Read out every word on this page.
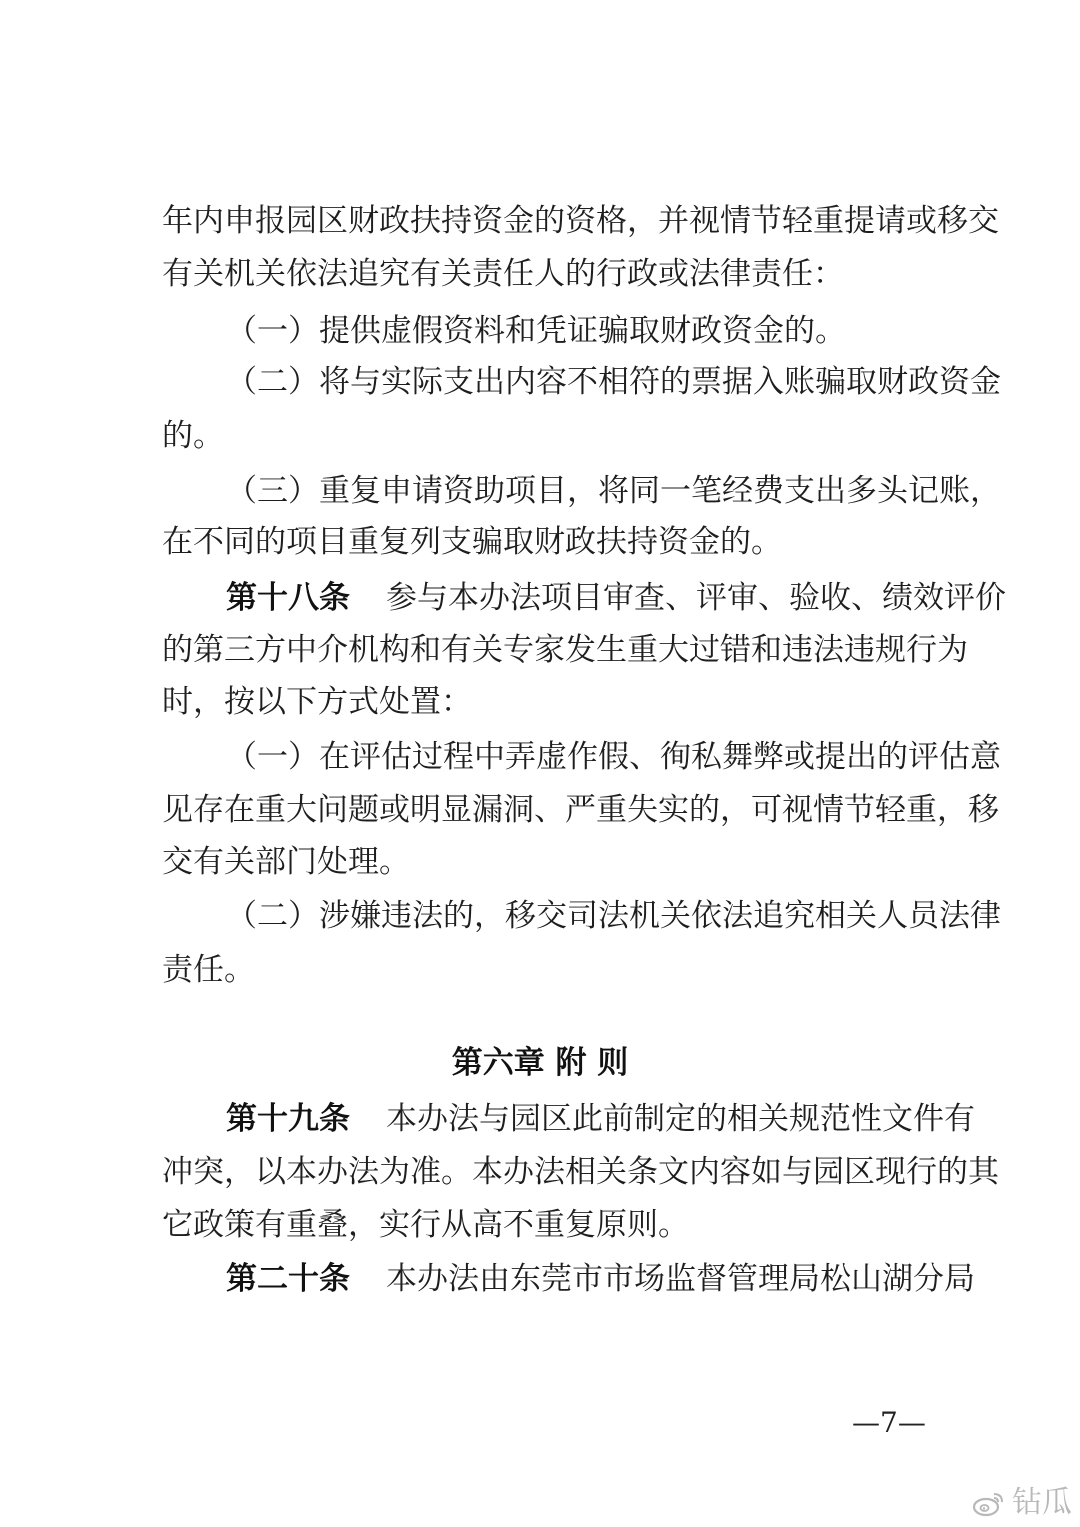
年内申报园区财政扶持资金的资格，并视情节轻重提请或移交
有关机关依法追究有关责任人的行政或法律责任：
（一）提供虚假资料和凭证骗取财政资金的。
（二）将与实际支出内容不相符的票据入账骗取财政资金
的。
（三）重复申请资助项目，将同一笔经费支出多头记账，
在不同的项目重复列支骗取财政扶持资金的。
第十八条 参与本办法项目审查、评审、验收、绩效评价
的第三方中介机构和有关专家发生重大过错和违法违规行为
时，按以下方式处置：
（一）在评估过程中弄虚作假、徇私舞弊或提出的评估意
见存在重大问题或明显漏洞、严重失实的，可视情节轻重，移
交有关部门处理。
（二）涉嫌违法的，移交司法机关依法追究相关人员法律
责任。
第六章 附 则
第十九条 本办法与园区此前制定的相关规范性文件有
冲突，以本办法为准。本办法相关条文内容如与园区现行的其
它政策有重叠，实行从高不重复原则。
第二十条 本办法由东莞市市场监督管理局松山湖分局
—7—
钻瓜
